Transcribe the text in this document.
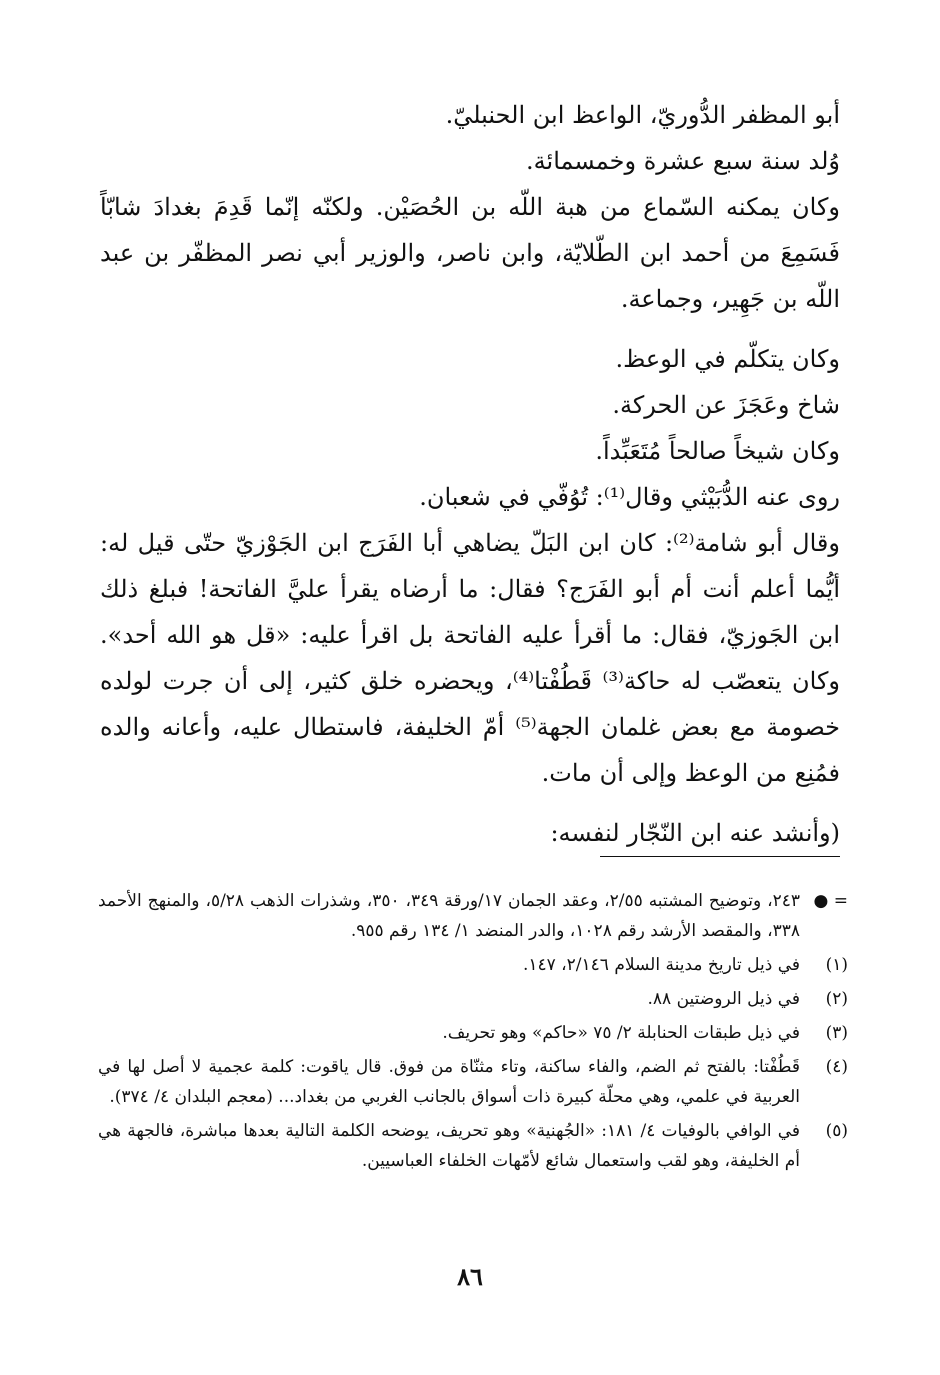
أبو المظفر الدُّوريّ، الواعظ ابن الحنبليّ.

وُلد سنة سبع عشرة وخمسمائة.

وكان يمكنه السّماع من هبة اللّه بن الحُصَيْن. ولكنّه إنّما قَدِمَ بغدادَ شابّاً فَسَمِعَ من أحمد ابن الطّلايّة، وابن ناصر، والوزير أبي نصر المظفّر بن عبد اللّه بن جَهِير، وجماعة.

وكان يتكلّم في الوعظ.

شاخ وعَجَزَ عن الحركة.

وكان شيخاً صالحاً مُتَعَبِّداً.

روى عنه الدُّبَيْثي وقال⁽¹⁾: تُوُفّي في شعبان.

وقال أبو شامة⁽²⁾: كان ابن البَلّ يضاهي أبا الفَرَج ابن الجَوْزيّ حتّى قيل له: أيُّما أعلم أنت أم أبو الفَرَج؟ فقال: ما أرضاه يقرأ عليَّ الفاتحة! فبلغ ذلك ابن الجَوزيّ، فقال: ما أقرأ عليه الفاتحة بل اقرأ عليه: «قل هو الله أحد». وكان يتعصّب له حاكة⁽³⁾ قَطُفْتا⁽⁴⁾، ويحضره خلق كثير، إلى أن جرت لولده خصومة مع بعض غلمان الجهة⁽⁵⁾ أمّ الخليفة، فاستطال عليه، وأعانه والده فمُنِع من الوعظ وإلى أن مات.

(وأنشد عنه ابن النّجّار لنفسه:

= ●
٢٤٣، وتوضيح المشتبه ٢/٥٥، وعقد الجمان ١٧/ورقة ٣٤٩، ٣٥٠، وشذرات الذهب ٥/٢٨، والمنهج الأحمد ٣٣٨، والمقصد الأرشد رقم ١٠٢٨، والدر المنضد ١/ ١٣٤ رقم ٩٥٥.
(١)
في ذيل تاريخ مدينة السلام ٢/١٤٦، ١٤٧.
(٢)
في ذيل الروضتين ٨٨.
(٣)
في ذيل طبقات الحنابلة ٢/ ٧٥ «حاكم» وهو تحريف.
(٤)
قَطُفْتا: بالفتح ثم الضم، والفاء ساكنة، وتاء مثنّاة من فوق. قال ياقوت: كلمة عجمية لا أصل لها في العربية في علمي، وهي محلّة كبيرة ذات أسواق بالجانب الغربي من بغداد... (معجم البلدان ٤/ ٣٧٤).
(٥)
في الوافي بالوفيات ٤/ ١٨١: «الجُهنية» وهو تحريف، يوضحه الكلمة التالية بعدها مباشرة، فالجهة هي أم الخليفة، وهو لقب واستعمال شائع لأمّهات الخلفاء العباسيين.
٨٦
